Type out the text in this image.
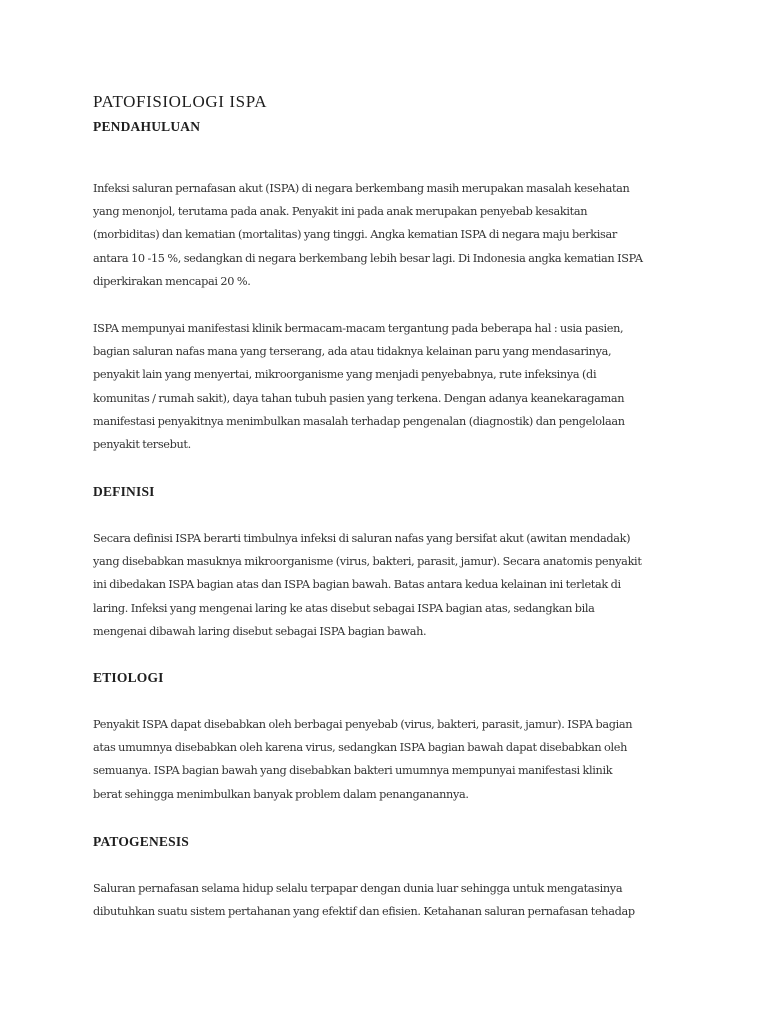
PATOFISIOLOGI ISPA
PENDAHULUAN
Infeksi saluran pernafasan akut (ISPA) di negara berkembang masih merupakan masalah kesehatan
yang menonjol, terutama pada anak. Penyakit ini pada anak merupakan penyebab kesakitan
(morbiditas) dan kematian (mortalitas) yang tinggi. Angka kematian ISPA di negara maju berkisar
antara 10 -15 %, sedangkan di negara berkembang lebih besar lagi. Di Indonesia angka kematian ISPA
diperkirakan mencapai 20 %.
ISPA mempunyai manifestasi klinik bermacam-macam tergantung pada beberapa hal : usia pasien,
bagian saluran nafas mana yang terserang, ada atau tidaknya kelainan paru yang mendasarinya,
penyakit lain yang menyertai, mikroorganisme yang menjadi penyebabnya, rute infeksinya (di
komunitas / rumah sakit), daya tahan tubuh pasien yang terkena. Dengan adanya keanekaragaman
manifestasi penyakitnya menimbulkan masalah terhadap pengenalan (diagnostik) dan pengelolaan
penyakit tersebut.
DEFINISI
Secara definisi ISPA berarti timbulnya infeksi di saluran nafas yang bersifat akut (awitan mendadak)
yang disebabkan masuknya mikroorganisme (virus, bakteri, parasit, jamur). Secara anatomis penyakit
ini dibedakan ISPA bagian atas dan ISPA bagian bawah. Batas antara kedua kelainan ini terletak di
laring. Infeksi yang mengenai laring ke atas disebut sebagai ISPA bagian atas, sedangkan bila
mengenai dibawah laring disebut sebagai ISPA bagian bawah.
ETIOLOGI
Penyakit ISPA dapat disebabkan oleh berbagai penyebab (virus, bakteri, parasit, jamur). ISPA bagian
atas umumnya disebabkan oleh karena virus, sedangkan ISPA bagian bawah dapat disebabkan oleh
semuanya. ISPA bagian bawah yang disebabkan bakteri umumnya mempunyai manifestasi klinik
berat sehingga menimbulkan banyak problem dalam penanganannya.
PATOGENESIS
Saluran pernafasan selama hidup selalu terpapar dengan dunia luar sehingga untuk mengatasinya
dibutuhkan suatu sistem pertahanan yang efektif dan efisien. Ketahanan saluran pernafasan tehadap
